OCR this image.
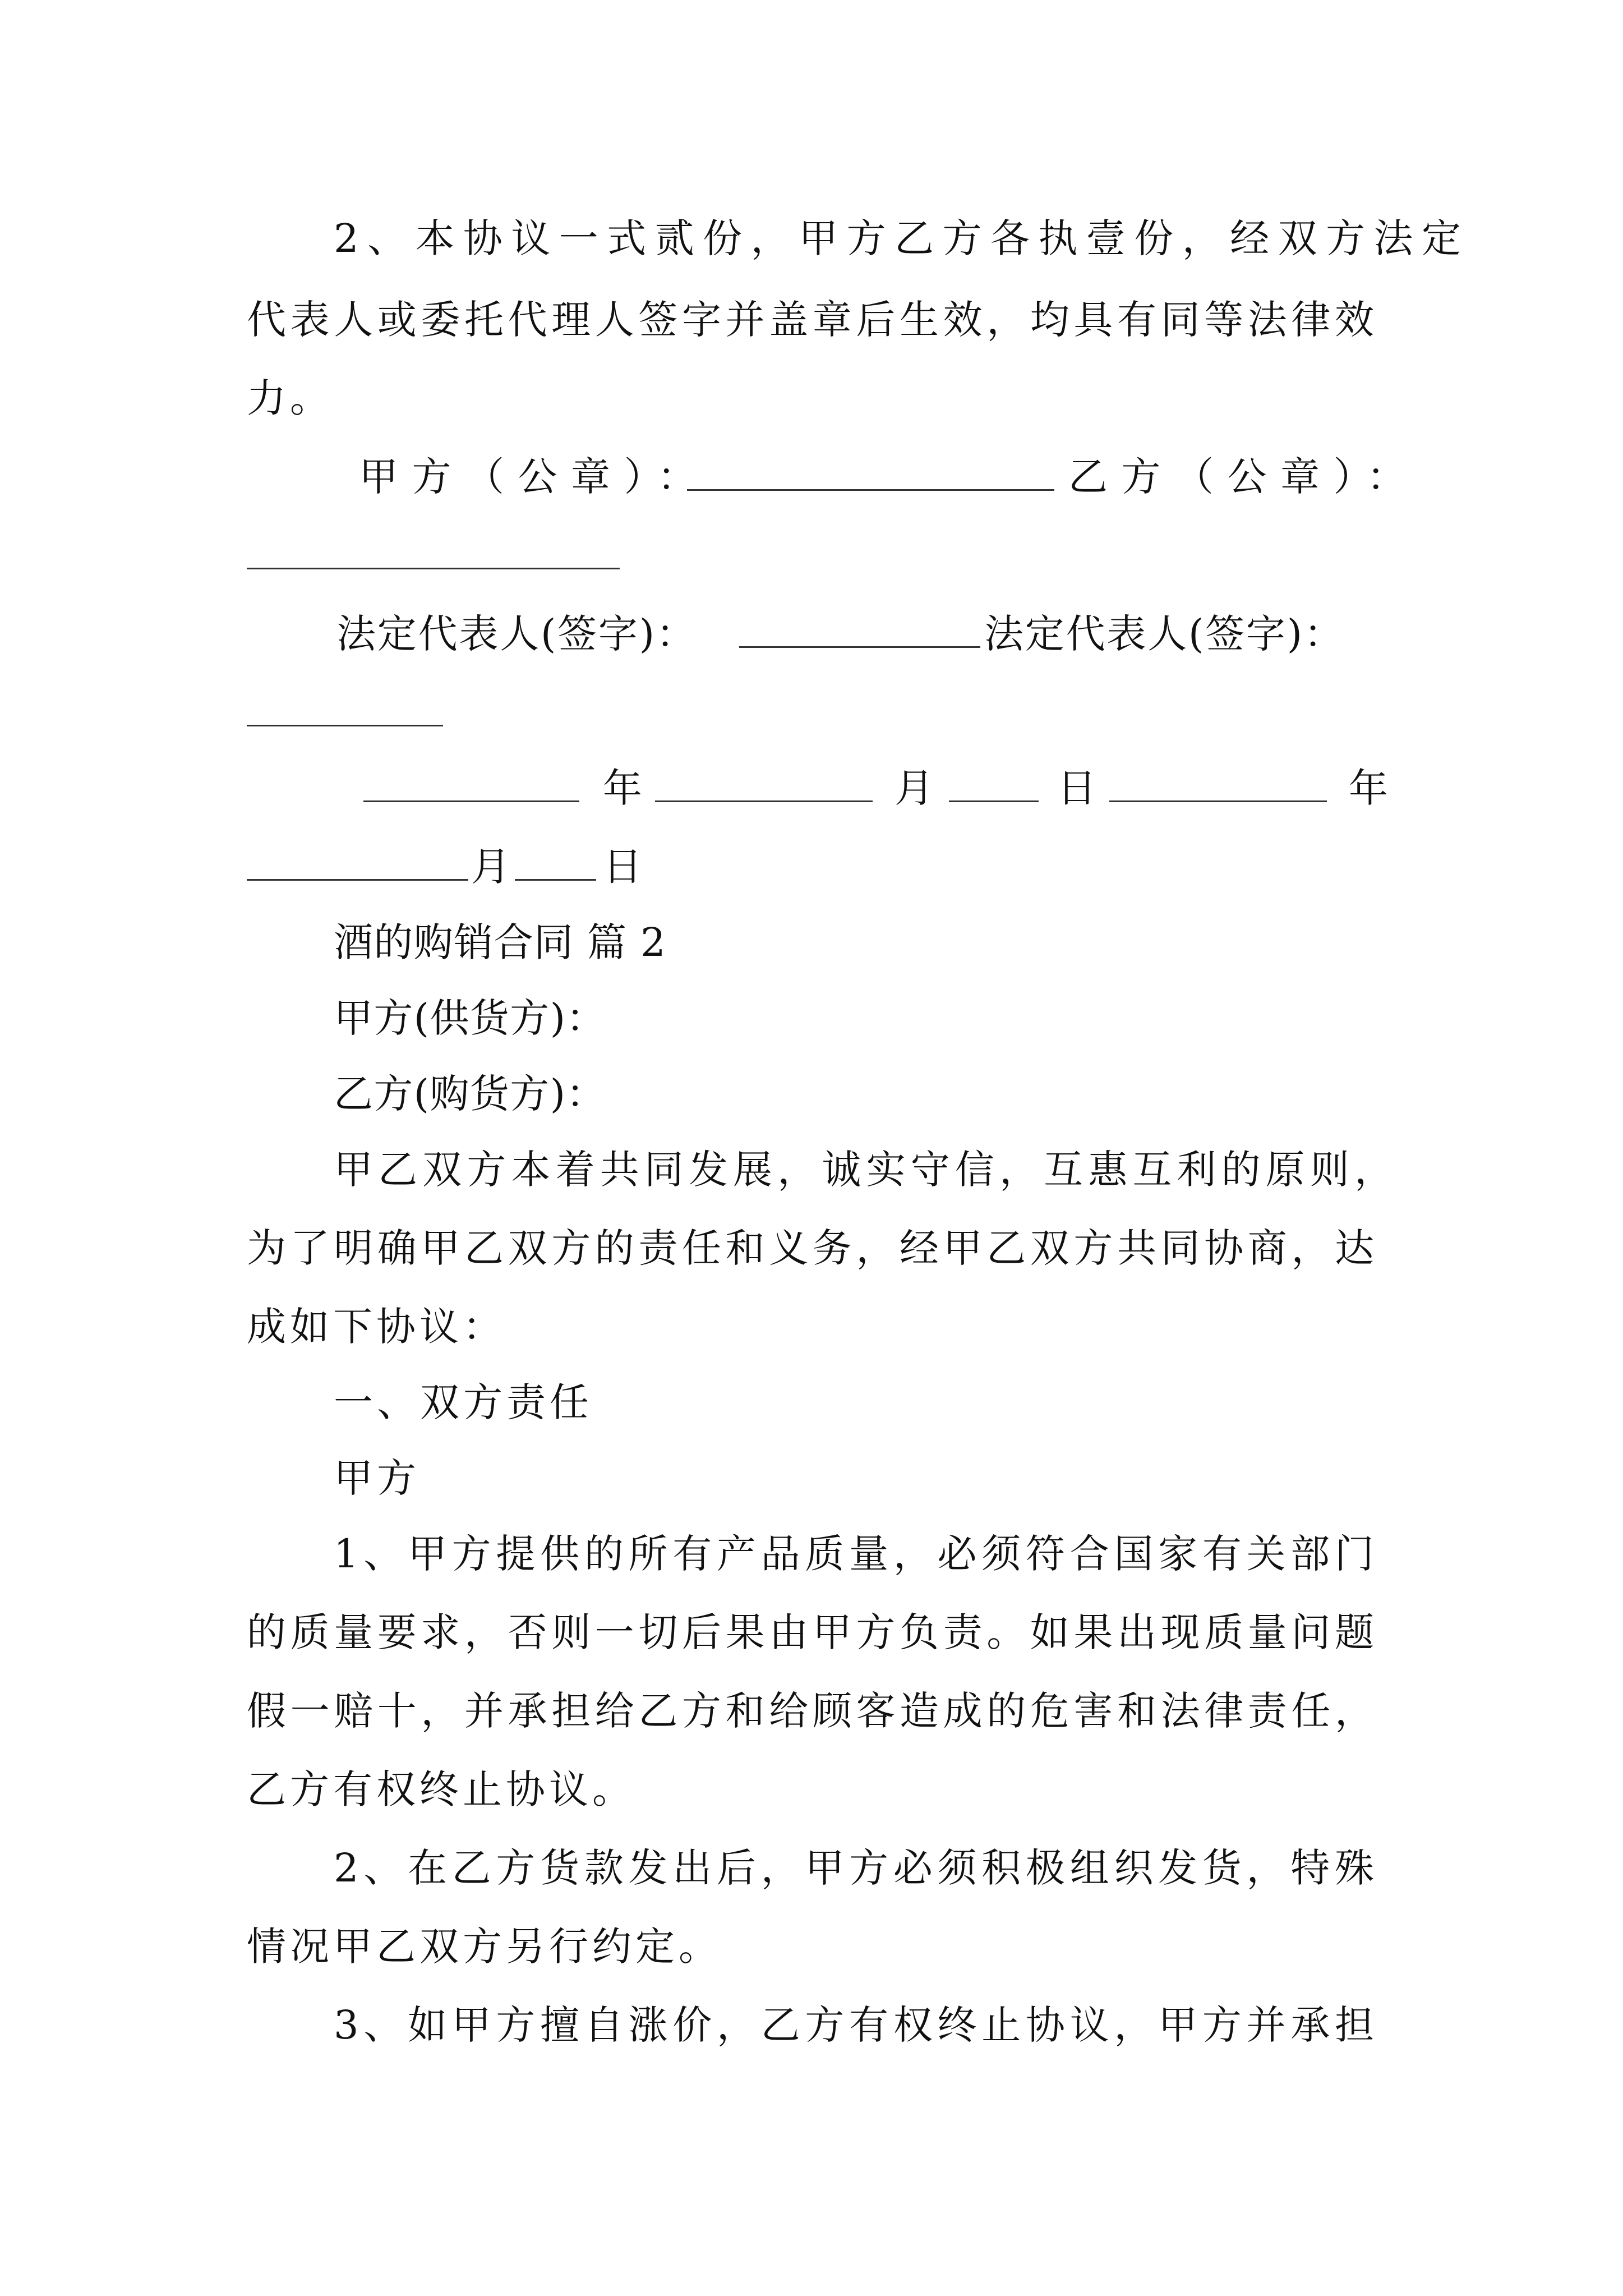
2、本协议一式贰份，甲方乙方各执壹份，经双方法定
代表人或委托代理人签字并盖章后生效，均具有同等法律效
力。
甲方（公章）：	乙方（公章）：
法定代表人(签字)：	法定代表人(签字)：
年	月	日	年
月 日
酒的购销合同 篇 2
甲方(供货方)：
乙方(购货方)：
甲乙双方本着共同发展，诚实守信，互惠互利的原则，
为了明确甲乙双方的责任和义务，经甲乙双方共同协商，达
成如下协议：
一、双方责任
甲方
1、甲方提供的所有产品质量，必须符合国家有关部门
的质量要求，否则一切后果由甲方负责。如果出现质量问题
假一赔十，并承担给乙方和给顾客造成的危害和法律责任，
乙方有权终止协议。
2、在乙方货款发出后，甲方必须积极组织发货，特殊
情况甲乙双方另行约定。
3、如甲方擅自涨价，乙方有权终止协议，甲方并承担
